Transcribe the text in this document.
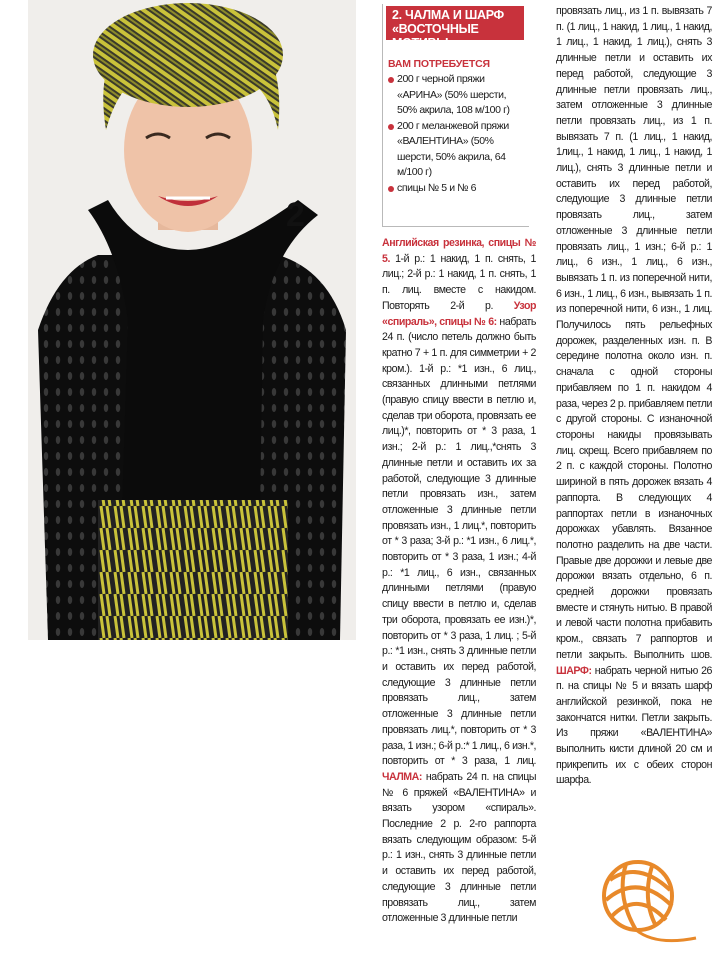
2
2. ЧАЛМА И ШАРФ «ВОСТОЧНЫЕ МОТИВЫ»
ВАМ ПОТРЕБУЕТСЯ
200 г черной пряжи «АРИНА» (50% шерсти, 50% акрила, 108 м/100 г)
200 г меланжевой пряжи «ВАЛЕНТИНА» (50% шерсти, 50% акрила, 64 м/100 г)
спицы № 5 и № 6
Английская резинка, спицы № 5. 1-й р.: 1 накид, 1 п. снять, 1 лиц.; 2-й р.: 1 накид, 1 п. снять, 1 п. лиц. вместе с накидом. Повторять 2-й р. Узор «спираль», спицы № 6: набрать 24 п. (число петель должно быть кратно 7 + 1 п. для симметрии + 2 кром.). 1-й р.: *1 изн., 6 лиц., связанных длинными петлями (правую спицу ввести в петлю и, сделав три оборота, провязать ее лиц.)*, повторить от * 3 раза, 1 изн.; 2-й р.: 1 лиц.,*снять 3 длинные петли и оставить их за работой, следующие 3 длинные петли провязать изн., затем отложенные 3 длинные петли провязать изн., 1 лиц.*, повторить от * 3 раза; 3-й р.: *1 изн., 6 лиц.*, повторить от * 3 раза, 1 изн.; 4-й р.: *1 лиц., 6 изн., связанных длинными петлями (правую спицу ввести в петлю и, сделав три оборота, провязать ее изн.)*, повторить от * 3 раза, 1 лиц. ; 5-й р.: *1 изн., снять 3 длинные петли и оставить их перед работой, следующие 3 длинные петли провязать лиц., затем отложенные 3 длинные петли провязать лиц.*, повторить от * 3 раза, 1 изн.; 6-й р.:* 1 лиц., 6 изн.*, повторить от * 3 раза, 1 лиц. ЧАЛМА: набрать 24 п. на спицы № 6 пряжей «ВАЛЕНТИНА» и вязать узором «спираль». Последние 2 р. 2-го раппорта вязать следующим образом: 5-й р.: 1 изн., снять 3 длинные петли и оставить их перед работой, следующие 3 длинные петли провязать лиц., затем отложенные 3 длинные петли
провязать лиц., из 1 п. вывязать 7 п. (1 лиц., 1 накид, 1 лиц., 1 накид, 1 лиц., 1 накид, 1 лиц.), снять 3 длинные петли и оставить их перед работой, следующие 3 длинные петли провязать лиц., затем отложенные 3 длинные петли провязать лиц., из 1 п. вывязать 7 п. (1 лиц., 1 накид, 1лиц., 1 накид, 1 лиц., 1 накид, 1 лиц.), снять 3 длинные петли и оставить их перед работой, следующие 3 длинные петли провязать лиц., затем отложенные 3 длинные петли провязать лиц., 1 изн.; 6-й р.: 1 лиц., 6 изн., 1 лиц., 6 изн., вывязать 1 п. из поперечной нити, 6 изн., 1 лиц., 6 изн., вывязать 1 п. из поперечной нити, 6 изн., 1 лиц. Получилось пять рельефных дорожек, разделенных изн. п. В середине полотна около изн. п. сначала с одной стороны прибавляем по 1 п. накидом 4 раза, через 2 р. прибавляем петли с другой стороны. С изнаночной стороны накиды провязывать лиц. скрещ. Всего прибавляем по 2 п. с каждой стороны. Полотно шириной в пять дорожек вязать 4 раппорта. В следующих 4 раппортах петли в изнаночных дорожках убавлять. Вязанное полотно разделить на две части. Правые две дорожки и левые две дорожки вязать отдельно, 6 п. средней дорожки провязать вместе и стянуть нитью. В правой и левой части полотна прибавить кром., связать 7 раппортов и петли закрыть. Выполнить шов. ШАРФ: набрать черной нитью 26 п. на спицы № 5 и вязать шарф английской резинкой, пока не закончатся нитки. Петли закрыть. Из пряжи «ВАЛЕНТИНА» выполнить кисти длиной 20 см и прикрепить их с обеих сторон шарфа.
